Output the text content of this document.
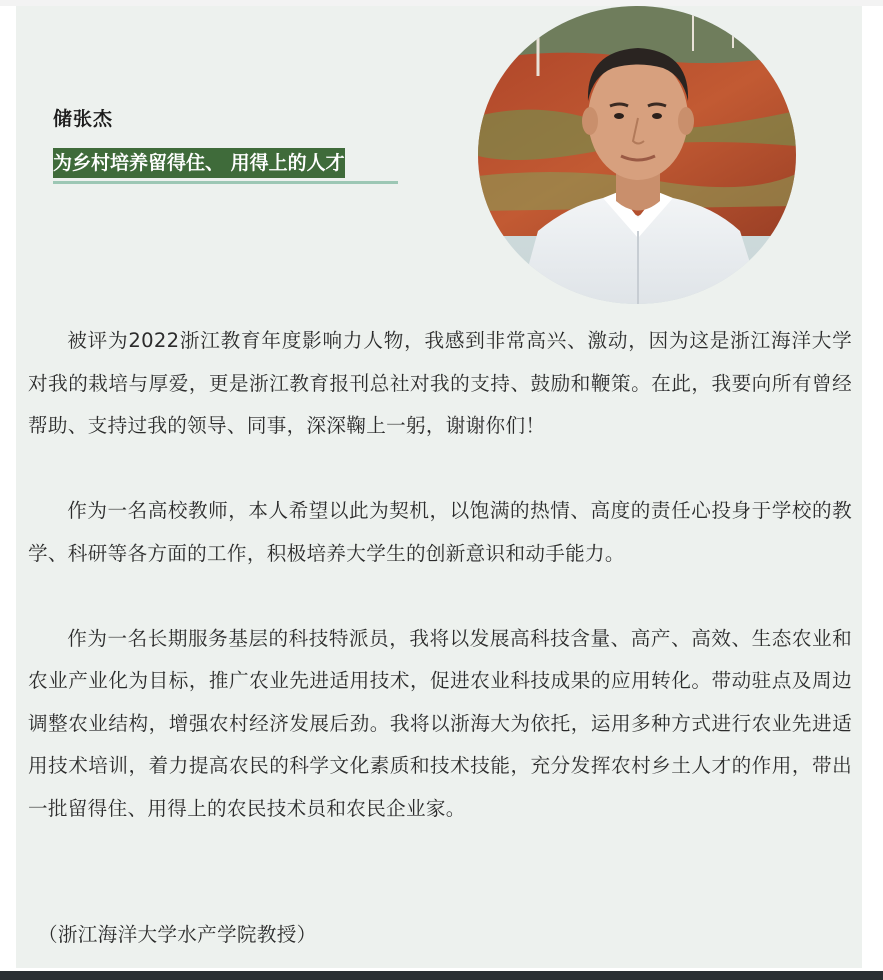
储张杰
为乡村培养留得住、 用得上的人才

被评为2022浙江教育年度影响力人物，我感到非常高兴、激动，因为这是浙江海洋大学对我的栽培与厚爱，更是浙江教育报刊总社对我的支持、鼓励和鞭策。在此，我要向所有曾经帮助、支持过我的领导、同事，深深鞠上一躬，谢谢你们！

作为一名高校教师，本人希望以此为契机，以饱满的热情、高度的责任心投身于学校的教学、科研等各方面的工作，积极培养大学生的创新意识和动手能力。

作为一名长期服务基层的科技特派员，我将以发展高科技含量、高产、高效、生态农业和农业产业化为目标，推广农业先进适用技术，促进农业科技成果的应用转化。带动驻点及周边调整农业结构，增强农村经济发展后劲。我将以浙海大为依托，运用多种方式进行农业先进适用技术培训，着力提高农民的科学文化素质和技术技能，充分发挥农村乡土人才的作用，带出一批留得住、用得上的农民技术员和农民企业家。

（浙江海洋大学水产学院教授）
